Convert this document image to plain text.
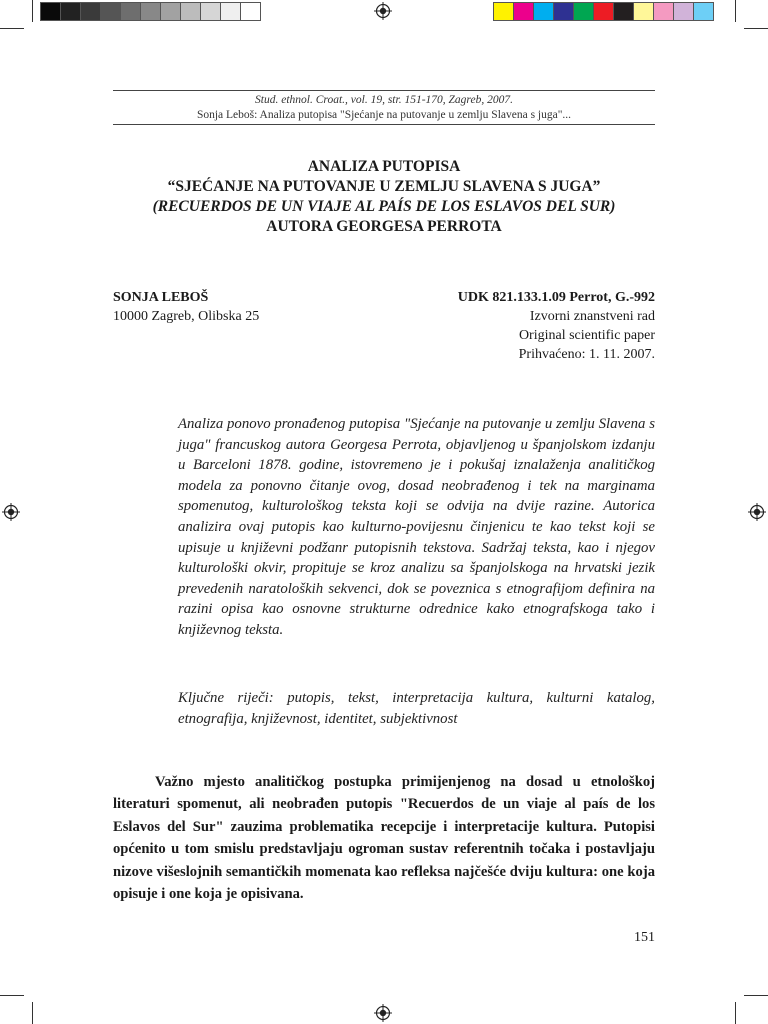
Stud. ethnol. Croat., vol. 19, str. 151-170, Zagreb, 2007.
Sonja Leboš: Analiza putopisa "Sjećanje na putovanje u zemlju Slavena s juga"...
ANALIZA PUTOPISA
“SJEĆANJE NA PUTOVANJE U ZEMLJU SLAVENA S JUGA”
(RECUERDOS DE UN VIAJE AL PAÍS DE LOS ESLAVOS DEL SUR)
AUTORA GEORGESA PERROTA
SONJA LEBOŠ
10000 Zagreb, Olibska 25
UDK 821.133.1.09 Perrot, G.-992
Izvorni znanstveni rad
Original scientific paper
Prihvaćeno: 1. 11. 2007.
Analiza ponovo pronađenog putopisa "Sjećanje na putovanje u zemlju Slavena s juga" francuskog autora Georgesa Perrota, objavljenog u španjolskom izdanju u Barceloni 1878. godine, istovremeno je i pokušaj iznalaženja analitičkog modela za ponovno čitanje ovog, dosad neobrađenog i tek na marginama spomenutog, kulturološkog teksta koji se odvija na dvije razine. Autorica analizira ovaj putopis kao kulturno-povijesnu činjenicu te kao tekst koji se upisuje u književni podžanr putopisnih tekstova. Sadržaj teksta, kao i njegov kulturološki okvir, propituje se kroz analizu sa španjolskoga na hrvatski jezik prevedenih naratoloških sekvenci, dok se poveznica s etnografijom definira na razini opisa kao osnovne strukturne odrednice kako etnografskoga tako i književnog teksta.
Ključne riječi: putopis, tekst, interpretacija kultura, kulturni katalog, etnografija, književnost, identitet, subjektivnost
Važno mjesto analitičkog postupka primijenjenog na dosad u etnološkoj literaturi spomenut, ali neobrađen putopis "Recuerdos de un viaje al país de los Eslavos del Sur" zauzima problematika recepcije i interpretacije kultura. Putopisi općenito u tom smislu predstavljaju ogroman sustav referentnih točaka i postavljaju nizove višeslojnih semantičkih momenata kao refleksa najčešće dviju kultura: one koja opisuje i one koja je opisivana.
151
